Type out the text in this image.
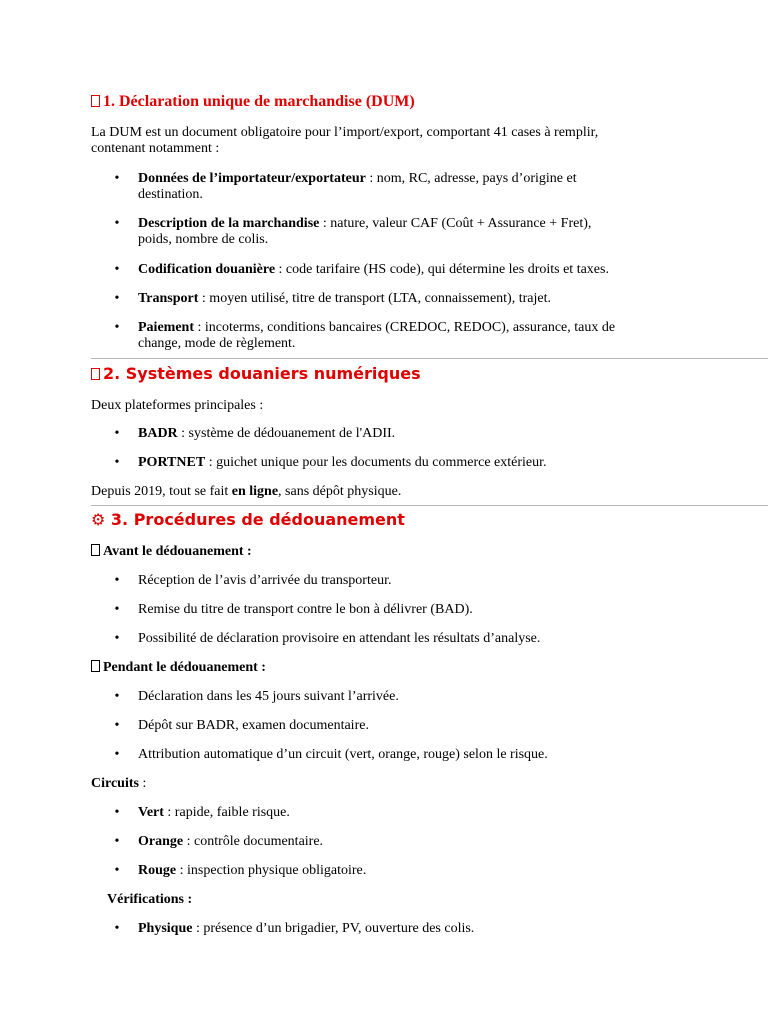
1. Déclaration unique de marchandise (DUM)
La DUM est un document obligatoire pour l’import/export, comportant 41 cases à remplir,
contenant notamment :
• Données de l’importateur/exportateur : nom, RC, adresse, pays d’origine et
destination.
• Description de la marchandise : nature, valeur CAF (Coût + Assurance + Fret),
poids, nombre de colis.
• Codification douanière : code tarifaire (HS code), qui détermine les droits et taxes.
• Transport : moyen utilisé, titre de transport (LTA, connaissement), trajet.
• Paiement : incoterms, conditions bancaires (CREDOC, REDOC), assurance, taux de
change, mode de règlement.
2. Systèmes douaniers numériques
Deux plateformes principales :
• BADR : système de dédouanement de l'ADII.
• PORTNET : guichet unique pour les documents du commerce extérieur.
Depuis 2019, tout se fait en ligne, sans dépôt physique.
⚙ 3. Procédures de dédouanement
Avant le dédouanement :
• Réception de l’avis d’arrivée du transporteur.
• Remise du titre de transport contre le bon à délivrer (BAD).
• Possibilité de déclaration provisoire en attendant les résultats d’analyse.
Pendant le dédouanement :
• Déclaration dans les 45 jours suivant l’arrivée.
• Dépôt sur BADR, examen documentaire.
• Attribution automatique d’un circuit (vert, orange, rouge) selon le risque.
Circuits :
• Vert : rapide, faible risque.
• Orange : contrôle documentaire.
• Rouge : inspection physique obligatoire.
Vérifications :
• Physique : présence d’un brigadier, PV, ouverture des colis.
